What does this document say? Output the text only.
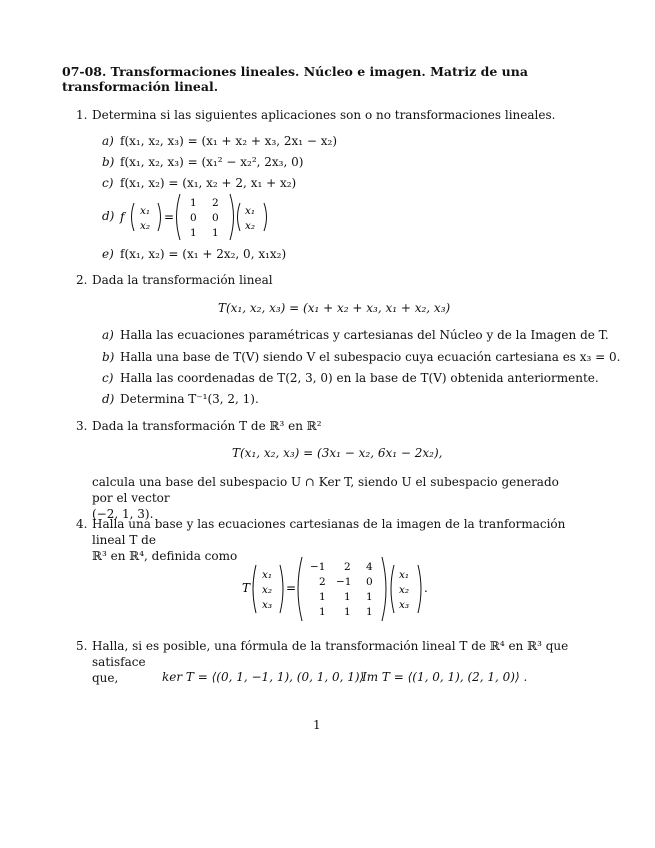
07-08. Transformaciones lineales. Núcleo e imagen. Matriz de una transformación lineal.
1. Determina si las siguientes aplicaciones son o no transformaciones lineales.
a) f(x₁, x₂, x₃) = (x₁ + x₂ + x₃, 2x₁ − x₂)
b) f(x₁, x₂, x₃) = (x₁² − x₂², 2x₃, 0)
c) f(x₁, x₂) = (x₁, x₂ + 2, x₁ + x₂)
d) f x₁
x₂
=
1 2
0 0
1 1
x₁
x₂
e) f(x₁, x₂) = (x₁ + 2x₂, 0, x₁x₂)
2. Dada la transformación lineal
T(x₁, x₂, x₃) = (x₁ + x₂ + x₃, x₁ + x₂, x₃)
a) Halla las ecuaciones paramétricas y cartesianas del Núcleo y de la Imagen de T.
b) Halla una base de T(V) siendo V el subespacio cuya ecuación cartesiana es x₃ = 0.
c) Halla las coordenadas de T(2, 3, 0) en la base de T(V) obtenida anteriormente.
d) Determina T⁻¹(3, 2, 1).
3. Dada la transformación T de ℝ³ en ℝ²
T(x₁, x₂, x₃) = (3x₁ − x₂, 6x₁ − 2x₂),
calcula una base del subespacio U ∩ Ker T, siendo U el subespacio generado por el vector
(−2, 1, 3).
4. Halla una base y las ecuaciones cartesianas de la imagen de la tranformación lineal T de
ℝ³ en ℝ⁴, definida como
T
x₁
x₂
x₃
=
−1 2 4
2 −1 0
1 1 1
1 1 1
x₁
x₂
x₃
.
5. Halla, si es posible, una fórmula de la transformación lineal T de ℝ⁴ en ℝ³ que satisface
que,	ker T = ⟨(0, 1, −1, 1), (0, 1, 0, 1)⟩
Im T = ⟨(1, 0, 1), (2, 1, 0)⟩ .
1
